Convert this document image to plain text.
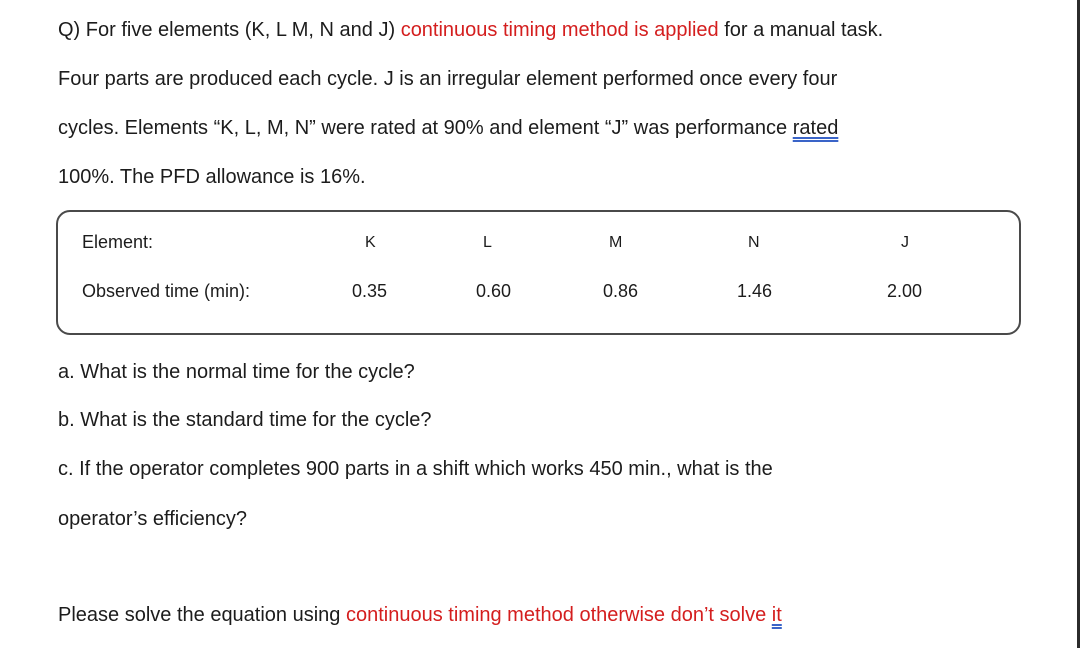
Q) For five elements (K, L M, N and J) continuous timing method is applied for a manual task.
Four parts are produced each cycle. J is an irregular element performed once every four
cycles. Elements “K, L, M, N” were rated at 90% and element “J” was performance rated
100%. The PFD allowance is 16%.
Element:	K	L	M	N	J
Observed time (min):	0.35	0.60	0.86	1.46	2.00
a. What is the normal time for the cycle?
b. What is the standard time for the cycle?
c. If the operator completes 900 parts in a shift which works 450 min., what is the
operator’s efficiency?
Please solve the equation using continuous timing method otherwise don’t solve it
